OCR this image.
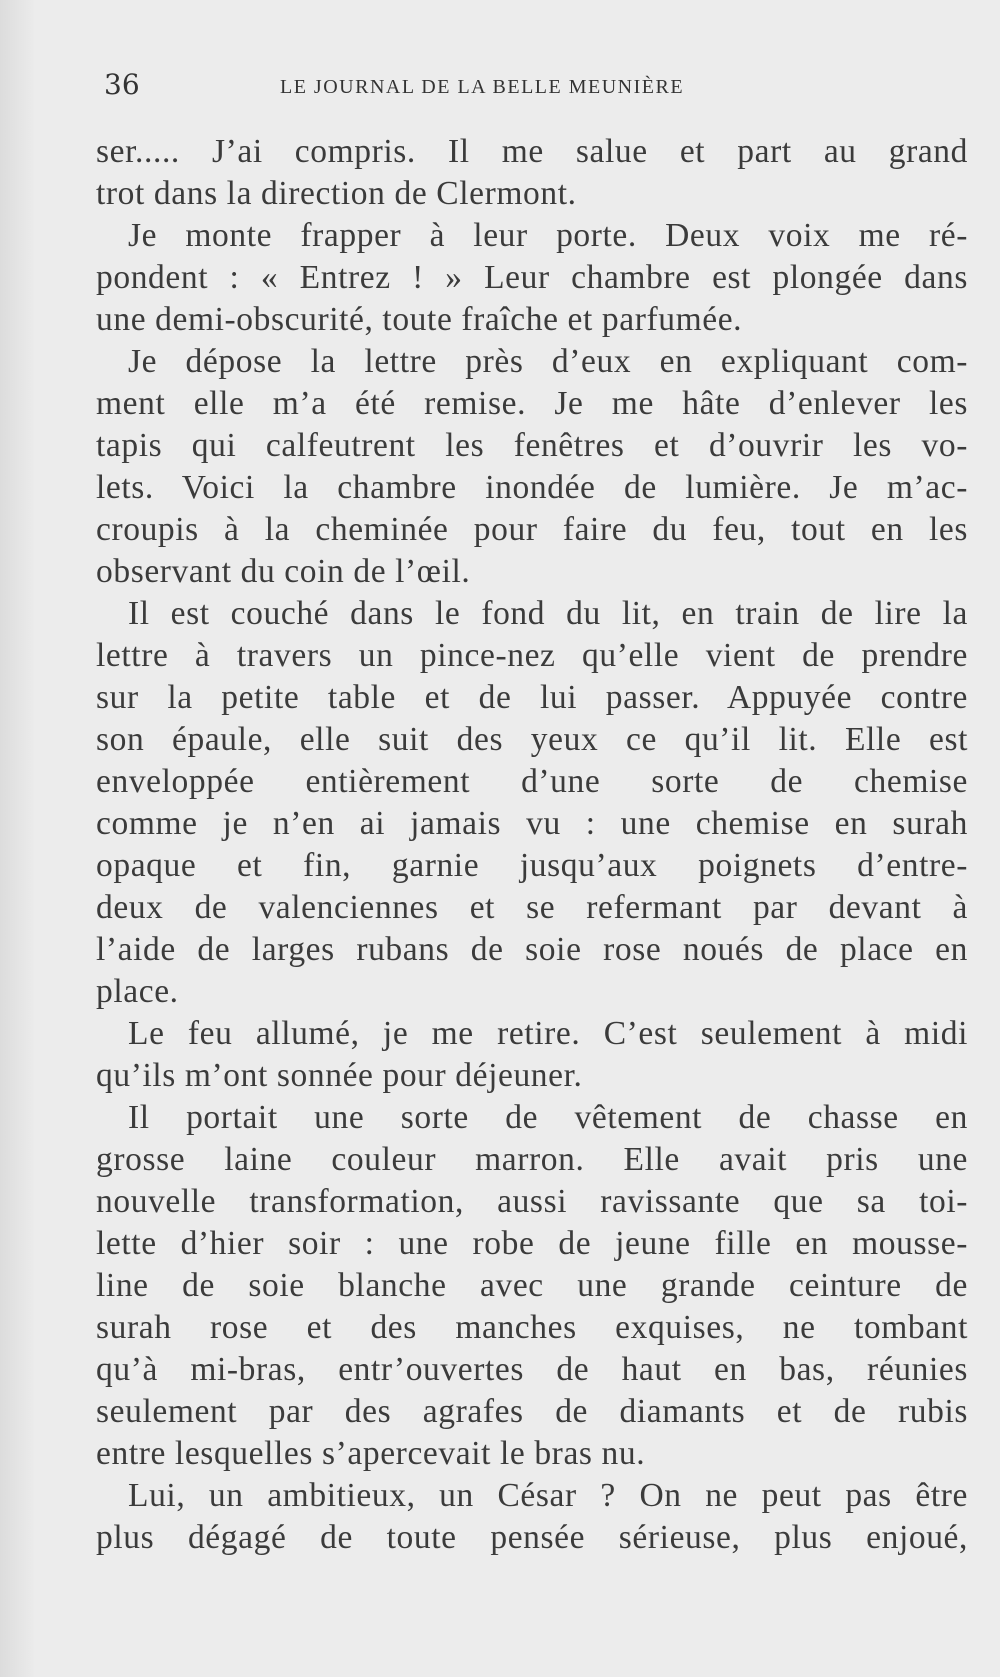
36	LE JOURNAL DE LA BELLE MEUNIÈRE
ser..... J’ai compris. Il me salue et part au grand
trot dans la direction de Clermont.
Je monte frapper à leur porte. Deux voix me ré-
pondent : « Entrez ! » Leur chambre est plongée dans
une demi-obscurité, toute fraîche et parfumée.
Je dépose la lettre près d’eux en expliquant com-
ment elle m’a été remise. Je me hâte d’enlever les
tapis qui calfeutrent les fenêtres et d’ouvrir les vo-
lets. Voici la chambre inondée de lumière. Je m’ac-
croupis à la cheminée pour faire du feu, tout en les
observant du coin de l’œil.
Il est couché dans le fond du lit, en train de lire la
lettre à travers un pince-nez qu’elle vient de prendre
sur la petite table et de lui passer. Appuyée contre
son épaule, elle suit des yeux ce qu’il lit. Elle est
enveloppée entièrement d’une sorte de chemise
comme je n’en ai jamais vu : une chemise en surah
opaque et fin, garnie jusqu’aux poignets d’entre-
deux de valenciennes et se refermant par devant à
l’aide de larges rubans de soie rose noués de place en
place.
Le feu allumé, je me retire. C’est seulement à midi
qu’ils m’ont sonnée pour déjeuner.
Il portait une sorte de vêtement de chasse en
grosse laine couleur marron. Elle avait pris une
nouvelle transformation, aussi ravissante que sa toi-
lette d’hier soir : une robe de jeune fille en mousse-
line de soie blanche avec une grande ceinture de
surah rose et des manches exquises, ne tombant
qu’à mi-bras, entr’ouvertes de haut en bas, réunies
seulement par des agrafes de diamants et de rubis
entre lesquelles s’apercevait le bras nu.
Lui, un ambitieux, un César ? On ne peut pas être
plus dégagé de toute pensée sérieuse, plus enjoué,
